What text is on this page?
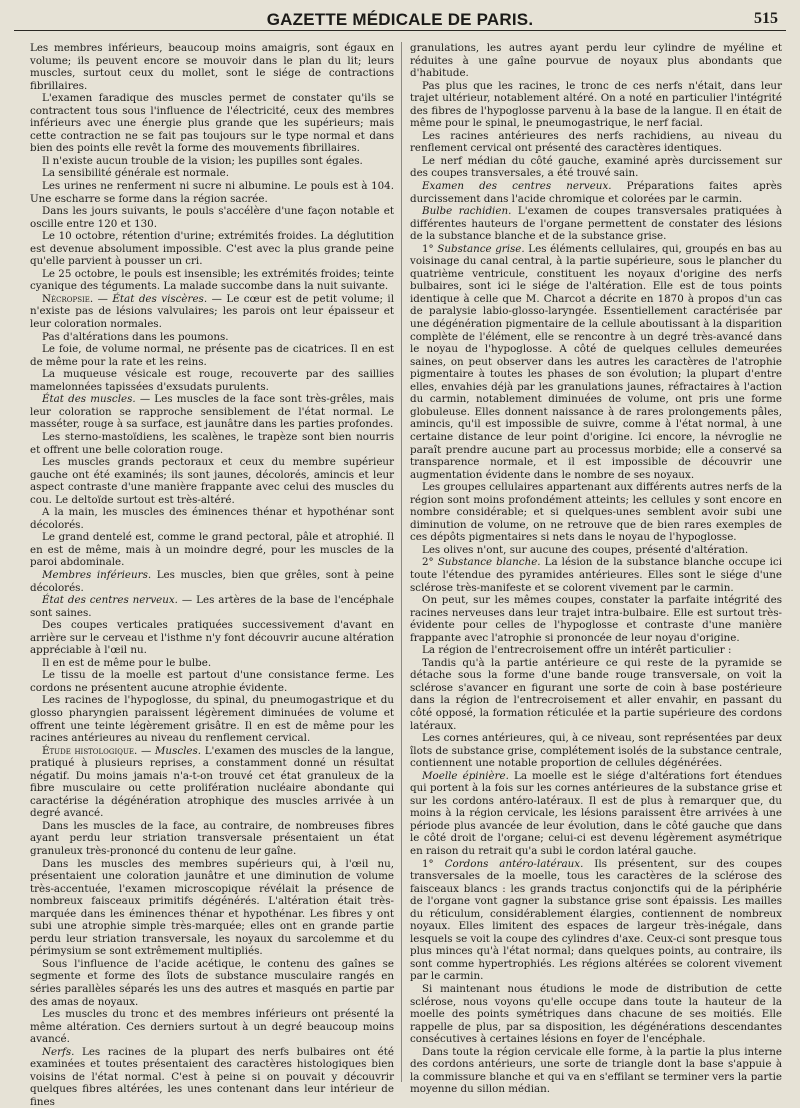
GAZETTE MÉDICALE DE PARIS.	515

Les membres inférieurs, beaucoup moins amaigris, sont égaux en volume; ils peuvent encore se mouvoir dans le plan du lit; leurs muscles, surtout ceux du mollet, sont le siége de contractions fibrillaires.

L'examen faradique des muscles permet de constater qu'ils se contractent tous sous l'influence de l'électricité, ceux des membres inférieurs avec une énergie plus grande que les supérieurs; mais cette contraction ne se fait pas toujours sur le type normal et dans bien des points elle revêt la forme des mouvements fibrillaires.

Il n'existe aucun trouble de la vision; les pupilles sont égales.

La sensibilité générale est normale.

Les urines ne renferment ni sucre ni albumine. Le pouls est à 104. Une escharre se forme dans la région sacrée.

Dans les jours suivants, le pouls s'accélère d'une façon notable et oscille entre 120 et 130.

Le 10 octobre, rétention d'urine; extrémités froides. La déglutition est devenue absolument impossible. C'est avec la plus grande peine qu'elle parvient à pousser un cri.

Le 25 octobre, le pouls est insensible; les extrémités froides; teinte cyanique des téguments. La malade succombe dans la nuit suivante.

Nécropsie. — État des viscères. — Le cœur est de petit volume; il n'existe pas de lésions valvulaires; les parois ont leur épaisseur et leur coloration normales.

Pas d'altérations dans les poumons.

Le foie, de volume normal, ne présente pas de cicatrices. Il en est de même pour la rate et les reins.

La muqueuse vésicale est rouge, recouverte par des saillies mamelonnées tapissées d'exsudats purulents.

État des muscles. — Les muscles de la face sont très-grêles, mais leur coloration se rapproche sensiblement de l'état normal. Le masséter, rouge à sa surface, est jaunâtre dans les parties profondes.

Les sterno-mastoïdiens, les scalènes, le trapèze sont bien nourris et offrent une belle coloration rouge.

Les muscles grands pectoraux et ceux du membre supérieur gauche ont été examinés; ils sont jaunes, décolorés, amincis et leur aspect contraste d'une manière frappante avec celui des muscles du cou. Le deltoïde surtout est très-altéré.

A la main, les muscles des éminences thénar et hypothénar sont décolorés.

Le grand dentelé est, comme le grand pectoral, pâle et atrophié. Il en est de même, mais à un moindre degré, pour les muscles de la paroi abdominale.

Membres inférieurs. Les muscles, bien que grêles, sont à peine décolorés.

État des centres nerveux. — Les artères de la base de l'encéphale sont saines.

Des coupes verticales pratiquées successivement d'avant en arrière sur le cerveau et l'isthme n'y font découvrir aucune altération appréciable à l'œil nu.

Il en est de même pour le bulbe.

Le tissu de la moelle est partout d'une consistance ferme. Les cordons ne présentent aucune atrophie évidente.

Les racines de l'hypoglosse, du spinal, du pneumogastrique et du glosso pharyngien paraissent légèrement diminuées de volume et offrent une teinte légèrement grisâtre. Il en est de même pour les racines antérieures au niveau du renflement cervical.

Étude histologique. — Muscles. L'examen des muscles de la langue, pratiqué à plusieurs reprises, a constamment donné un résultat négatif. Du moins jamais n'a-t-on trouvé cet état granuleux de la fibre musculaire ou cette prolifération nucléaire abondante qui caractérise la dégénération atrophique des muscles arrivée à un degré avancé.

Dans les muscles de la face, au contraire, de nombreuses fibres ayant perdu leur striation transversale présentaient un état granuleux très-prononcé du contenu de leur gaîne.

Dans les muscles des membres supérieurs qui, à l'œil nu, présentaient une coloration jaunâtre et une diminution de volume très-accentuée, l'examen microscopique révélait la présence de nombreux faisceaux primitifs dégénérés. L'altération était très-marquée dans les éminences thénar et hypothénar. Les fibres y ont subi une atrophie simple très-marquée; elles ont en grande partie perdu leur striation transversale, les noyaux du sarcolemme et du périmysium se sont extrêmement multipliés.

Sous l'influence de l'acide acétique, le contenu des gaînes se segmente et forme des îlots de substance musculaire rangés en séries parallèles séparés les uns des autres et masqués en partie par des amas de noyaux.

Les muscles du tronc et des membres inférieurs ont présenté la même altération. Ces derniers surtout à un degré beaucoup moins avancé.

Nerfs. Les racines de la plupart des nerfs bulbaires ont été examinées et toutes présentaient des caractères histologiques bien voisins de l'état normal. C'est à peine si on pouvait y découvrir quelques fibres altérées, les unes contenant dans leur intérieur de fines

granulations, les autres ayant perdu leur cylindre de myéline et réduites à une gaîne pourvue de noyaux plus abondants que d'habitude.

Pas plus que les racines, le tronc de ces nerfs n'était, dans leur trajet ultérieur, notablement altéré. On a noté en particulier l'intégrité des fibres de l'hypoglosse parvenu à la base de la langue. Il en était de même pour le spinal, le pneumogastrique, le nerf facial.

Les racines antérieures des nerfs rachidiens, au niveau du renflement cervical ont présenté des caractères identiques.

Le nerf médian du côté gauche, examiné après durcissement sur des coupes transversales, a été trouvé sain.

Examen des centres nerveux. Préparations faites après durcissement dans l'acide chromique et colorées par le carmin.

Bulbe rachidien. L'examen de coupes transversales pratiquées à différentes hauteurs de l'organe permettent de constater des lésions de la substance blanche et de la substance grise.

1° Substance grise. Les éléments cellulaires, qui, groupés en bas au voisinage du canal central, à la partie supérieure, sous le plancher du quatrième ventricule, constituent les noyaux d'origine des nerfs bulbaires, sont ici le siége de l'altération. Elle est de tous points identique à celle que M. Charcot a décrite en 1870 à propos d'un cas de paralysie labio-glosso-laryngée. Essentiellement caractérisée par une dégénération pigmentaire de la cellule aboutissant à la disparition complète de l'élément, elle se rencontre à un degré très-avancé dans le noyau de l'hypoglosse. A côté de quelques cellules demeurées saines, on peut observer dans les autres les caractères de l'atrophie pigmentaire à toutes les phases de son évolution; la plupart d'entre elles, envahies déjà par les granulations jaunes, réfractaires à l'action du carmin, notablement diminuées de volume, ont pris une forme globuleuse. Elles donnent naissance à de rares prolongements pâles, amincis, qu'il est impossible de suivre, comme à l'état normal, à une certaine distance de leur point d'origine. Ici encore, la névroglie ne paraît prendre aucune part au processus morbide; elle a conservé sa transparence normale, et il est impossible de découvrir une augmentation évidente dans le nombre de ses noyaux.

Les groupes cellulaires appartenant aux différents autres nerfs de la région sont moins profondément atteints; les cellules y sont encore en nombre considérable; et si quelques-unes semblent avoir subi une diminution de volume, on ne retrouve que de bien rares exemples de ces dépôts pigmentaires si nets dans le noyau de l'hypoglosse.

Les olives n'ont, sur aucune des coupes, présenté d'altération.

2° Substance blanche. La lésion de la substance blanche occupe ici toute l'étendue des pyramides antérieures. Elles sont le siége d'une sclérose très-manifeste et se colorent vivement par le carmin.

On peut, sur les mêmes coupes, constater la parfaite intégrité des racines nerveuses dans leur trajet intra-bulbaire. Elle est surtout très-évidente pour celles de l'hypoglosse et contraste d'une manière frappante avec l'atrophie si prononcée de leur noyau d'origine.

La région de l'entrecroisement offre un intérêt particulier :

Tandis qu'à la partie antérieure ce qui reste de la pyramide se détache sous la forme d'une bande rouge transversale, on voit la sclérose s'avancer en figurant une sorte de coin à base postérieure dans la région de l'entrecroisement et aller envahir, en passant du côté opposé, la formation réticulée et la partie supérieure des cordons latéraux.

Les cornes antérieures, qui, à ce niveau, sont représentées par deux îlots de substance grise, complétement isolés de la substance centrale, contiennent une notable proportion de cellules dégénérées.

Moelle épinière. La moelle est le siége d'altérations fort étendues qui portent à la fois sur les cornes antérieures de la substance grise et sur les cordons antéro-latéraux. Il est de plus à remarquer que, du moins à la région cervicale, les lésions paraissent être arrivées à une période plus avancée de leur évolution, dans le côté gauche que dans le côté droit de l'organe; celui-ci est devenu légèrement asymétrique en raison du retrait qu'a subi le cordon latéral gauche.

1° Cordons antéro-latéraux. Ils présentent, sur des coupes transversales de la moelle, tous les caractères de la sclérose des faisceaux blancs : les grands tractus conjonctifs qui de la périphérie de l'organe vont gagner la substance grise sont épaissis. Les mailles du réticulum, considérablement élargies, contiennent de nombreux noyaux. Elles limitent des espaces de largeur très-inégale, dans lesquels se voit la coupe des cylindres d'axe. Ceux-ci sont presque tous plus minces qu'à l'état normal; dans quelques points, au contraire, ils sont comme hypertrophiés. Les régions altérées se colorent vivement par le carmin.

Si maintenant nous étudions le mode de distribution de cette sclérose, nous voyons qu'elle occupe dans toute la hauteur de la moelle des points symétriques dans chacune de ses moitiés. Elle rappelle de plus, par sa disposition, les dégénérations descendantes consécutives à certaines lésions en foyer de l'encéphale.

Dans toute la région cervicale elle forme, à la partie la plus interne des cordons antérieurs, une sorte de triangle dont la base s'appuie à la commissure blanche et qui va en s'effilant se terminer vers la partie moyenne du sillon médian.
